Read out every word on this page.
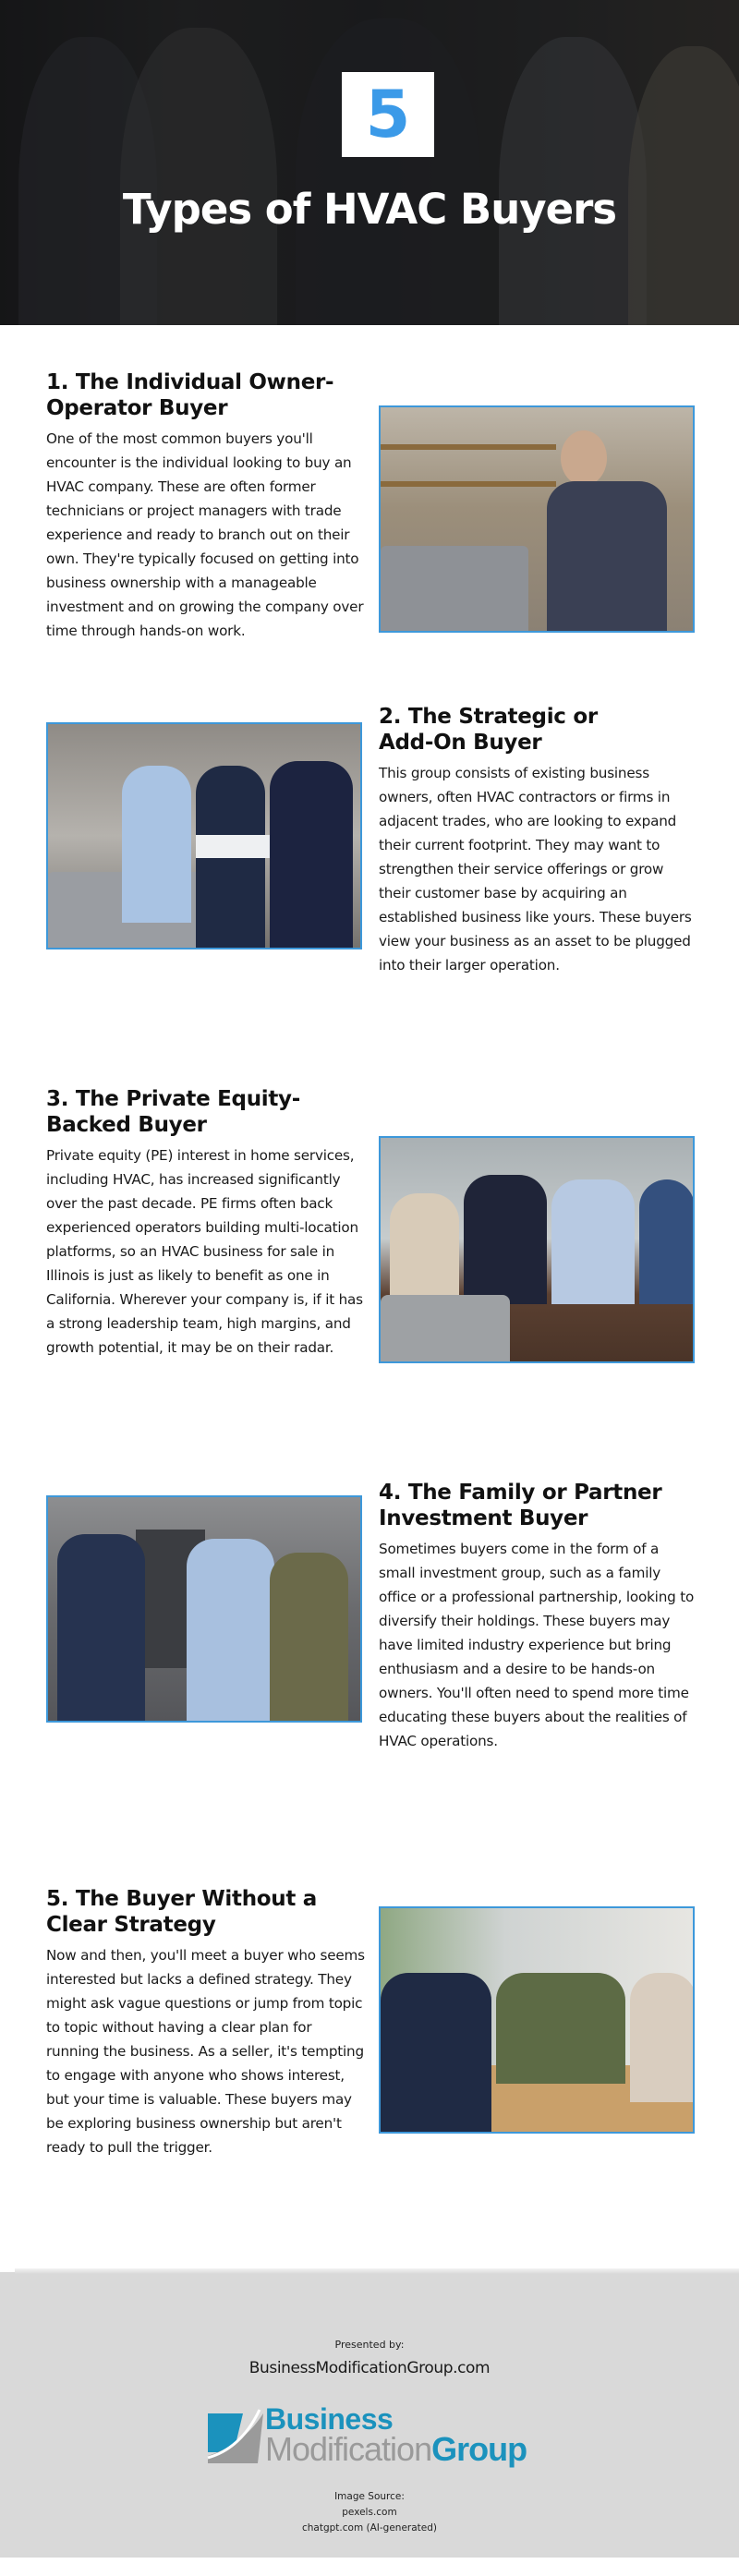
5
Types of HVAC Buyers
1. The Individual Owner-
Operator Buyer

One of the most common buyers you'll encounter is the individual looking to buy an HVAC company. These are often former technicians or project managers with trade experience and ready to branch out on their own. They're typically focused on getting into business ownership with a manageable investment and on growing the company over time through hands-on work.

2. The Strategic or
Add-On Buyer

This group consists of existing business owners, often HVAC contractors or firms in adjacent trades, who are looking to expand their current footprint. They may want to strengthen their service offerings or grow their customer base by acquiring an established business like yours. These buyers view your business as an asset to be plugged into their larger operation.

3. The Private Equity-
Backed Buyer

Private equity (PE) interest in home services, including HVAC, has increased significantly over the past decade. PE firms often back experienced operators building multi-location platforms, so an HVAC business for sale in Illinois is just as likely to benefit as one in California. Wherever your company is, if it has a strong leadership team, high margins, and growth potential, it may be on their radar.

4. The Family or Partner
Investment Buyer

Sometimes buyers come in the form of a small investment group, such as a family office or a professional partnership, looking to diversify their holdings. These buyers may have limited industry experience but bring enthusiasm and a desire to be hands-on owners. You'll often need to spend more time educating these buyers about the realities of HVAC operations.

5. The Buyer Without a
Clear Strategy

Now and then, you'll meet a buyer who seems interested but lacks a defined strategy. They might ask vague questions or jump from topic to topic without having a clear plan for running the business. As a seller, it's tempting to engage with anyone who shows interest, but your time is valuable. These buyers may be exploring business ownership but aren't ready to pull the trigger.

Presented by:
BusinessModificationGroup.com
Business
ModificationGroup
Image Source:
pexels.com
chatgpt.com (AI-generated)
